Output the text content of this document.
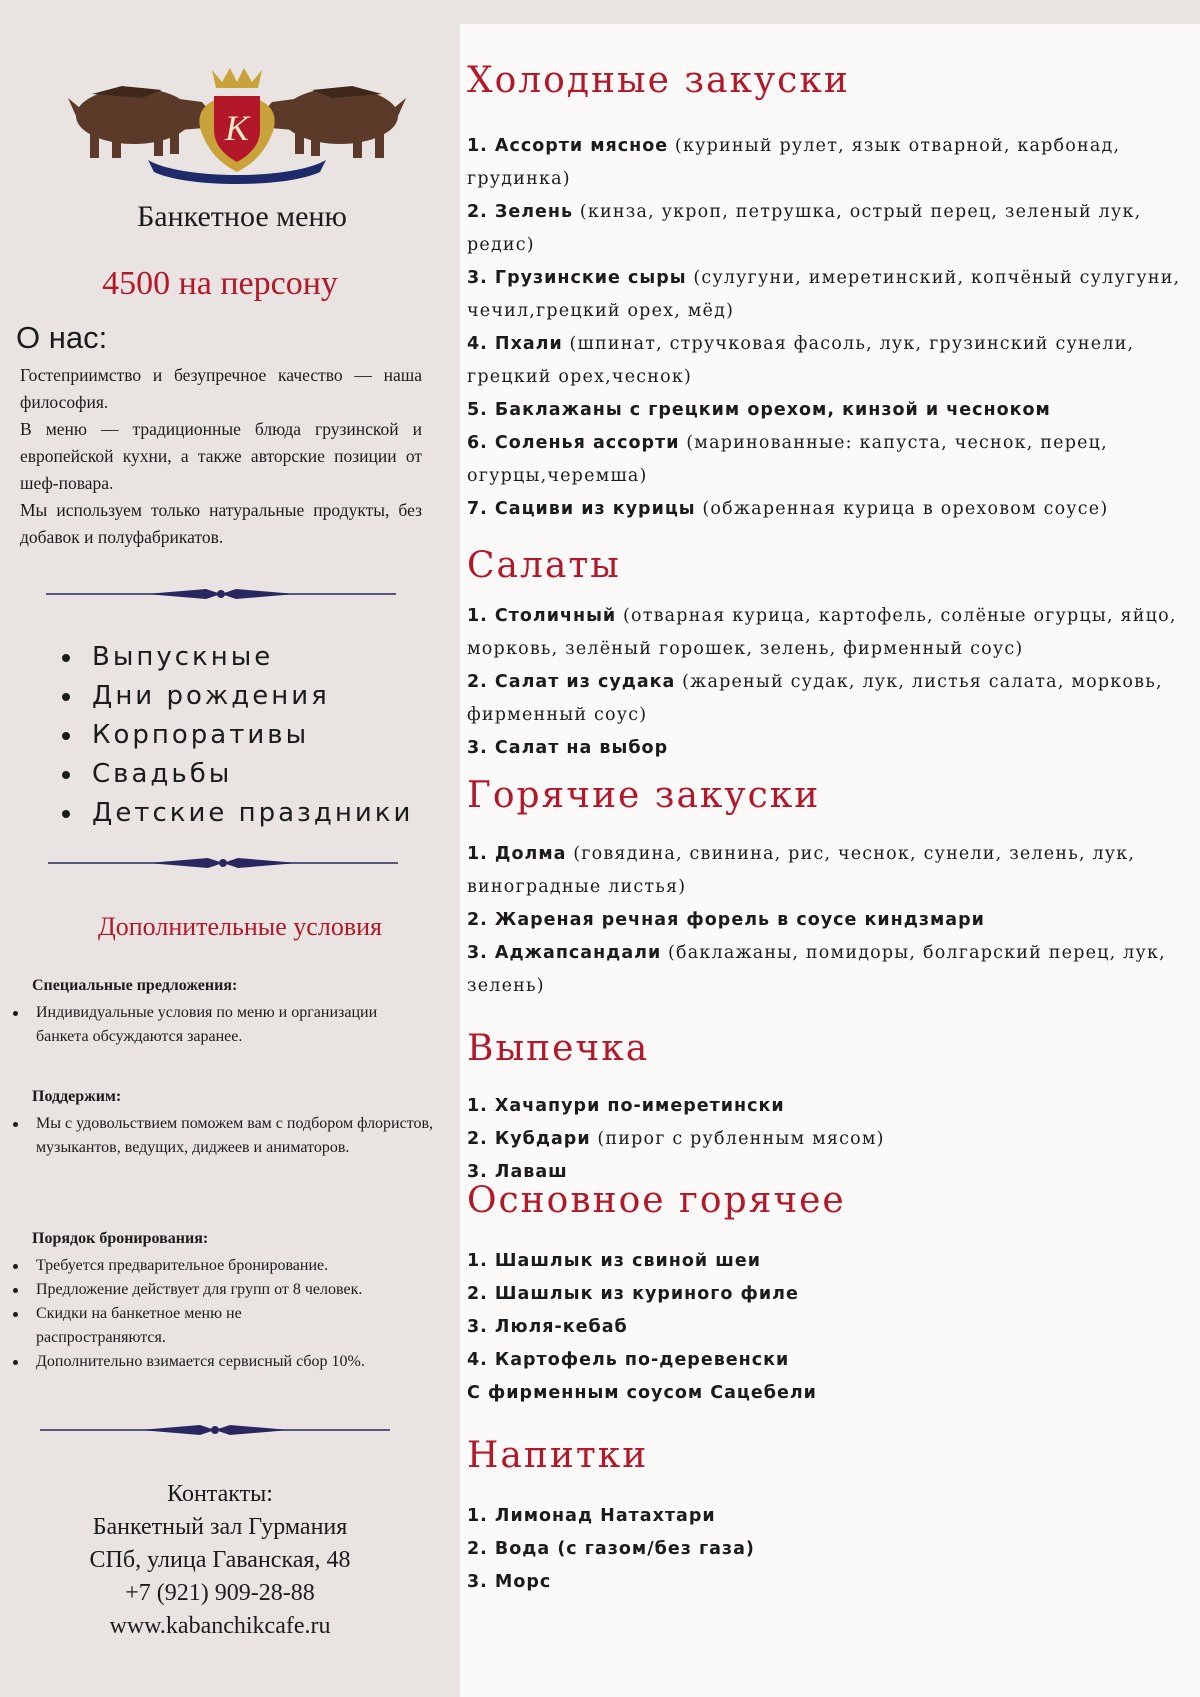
K
Банкетное меню
4500 на персону
О нас:

Гостеприимство и безупречное качество — наша философия.

В меню — традиционные блюда грузинской и европейской кухни, а также авторские позиции от шеф-повара.

Мы используем только натуральные продукты, без добавок и полуфабрикатов.

Выпускные
Дни рождения
Корпоративы
Свадьбы
Детские праздники
Дополнительные условия
Специальные предложения:
Индивидуальные условия по меню и организации банкета обсуждаются заранее.
Поддержим:
Мы с удовольствием поможем вам с подбором флористов, музыкантов, ведущих, диджеев и аниматоров.
Порядок бронирования:
Требуется предварительное бронирование.
Предложение действует для групп от 8 человек.
Скидки на банкетное меню не распространяются.
Дополнительно взимается сервисный сбор 10%.
Контакты:
Банкетный зал Гурмания
СПб, улица Гаванская, 48
+7 (921) 909-28-88
www.kabanchikcafe.ru
Холодные закуски
1. Ассорти мясное (куриный рулет, язык отварной, карбонад, грудинка)
2. Зелень (кинза, укроп, петрушка, острый перец, зеленый лук, редис)
3. Грузинские сыры (сулугуни, имеретинский, копчёный сулугуни, чечил,грецкий орех, мёд)
4. Пхали (шпинат, стручковая фасоль, лук, грузинский сунели, грецкий орех,чеснок)
5. Баклажаны с грецким орехом, кинзой и чесноком
6. Соленья ассорти (маринованные: капуста, чеснок, перец, огурцы,черемша)
7. Сациви из курицы (обжаренная курица в ореховом соусе)
Салаты
1. Столичный (отварная курица, картофель, солёные огурцы, яйцо, морковь, зелёный горошек, зелень, фирменный соус)
2. Салат из судака (жареный судак, лук, листья салата, морковь, фирменный соус)
3. Салат на выбор
Горячие закуски
1. Долма (говядина, свинина, рис, чеснок, сунели, зелень, лук, виноградные листья)
2. Жареная речная форель в соусе киндзмари
3. Аджапсандали (баклажаны, помидоры, болгарский перец, лук, зелень)
Выпечка
1. Хачапури по-имеретински
2. Кубдари (пирог с рубленным мясом)
3. Лаваш
Основное горячее
1. Шашлык из свиной шеи
2. Шашлык из куриного филе
3. Люля-кебаб
4. Картофель по-деревенски
С фирменным соусом Сацебели
Напитки
1. Лимонад Натахтари
2. Вода (с газом/без газа)
3. Морс
